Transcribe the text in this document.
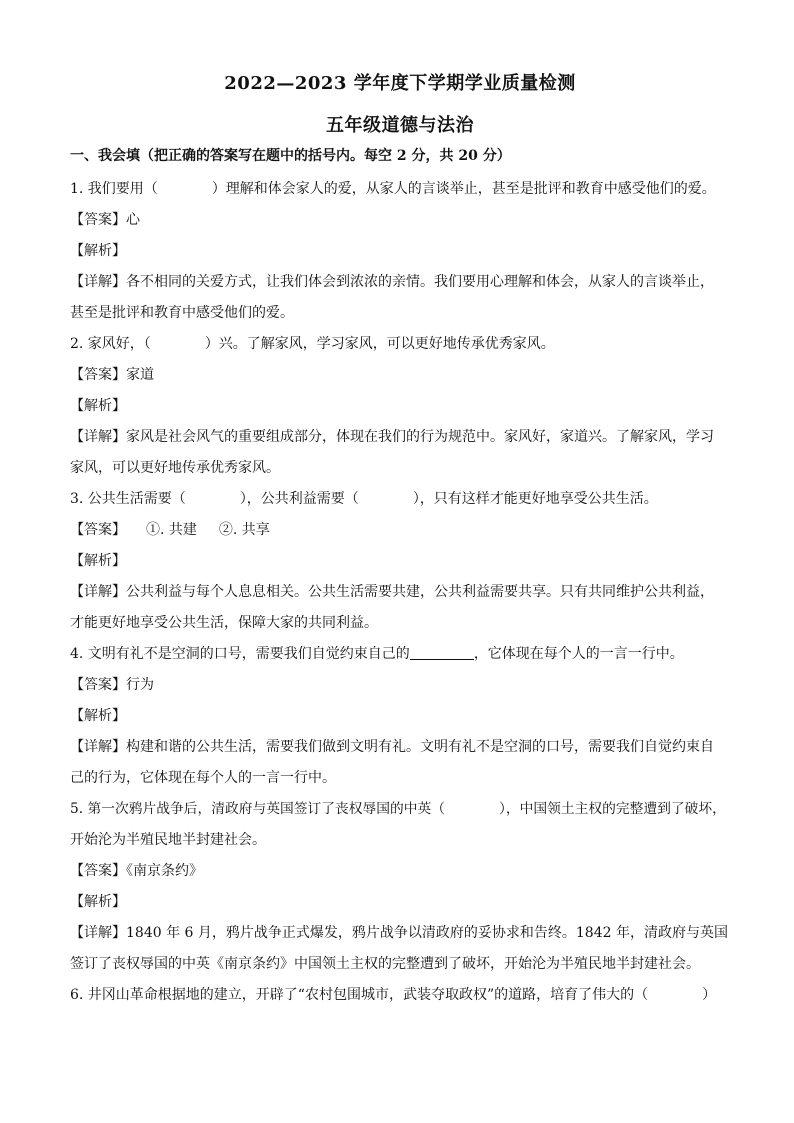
2022—2023 学年度下学期学业质量检测
五年级道德与法治
一、我会填（把正确的答案写在题中的括号内。每空 2 分，共 20 分）
1. 我们要用（	）理解和体会家人的爱，从家人的言谈举止，甚至是批评和教育中感受他们的爱。
【答案】心
【解析】
【详解】各不相同的关爱方式，让我们体会到浓浓的亲情。我们要用心理解和体会，从家人的言谈举止，
甚至是批评和教育中感受他们的爱。
2. 家风好，（	）兴。了解家风，学习家风，可以更好地传承优秀家风。
【答案】家道
【解析】
【详解】家风是社会风气的重要组成部分，体现在我们的行为规范中。家风好，家道兴。了解家风，学习
家风，可以更好地传承优秀家风。
3. 公共生活需要（	），公共利益需要（	），只有这样才能更好地享受公共生活。
【答案】 ①. 共建 ②. 共享
【解析】
【详解】公共利益与每个人息息相关。公共生活需要共建，公共利益需要共享。只有共同维护公共利益，
才能更好地享受公共生活，保障大家的共同利益。
4. 文明有礼不是空洞的口号，需要我们自觉约束自己的	，它体现在每个人的一言一行中。
【答案】行为
【解析】
【详解】构建和谐的公共生活，需要我们做到文明有礼。文明有礼不是空洞的口号，需要我们自觉约束自
己的行为，它体现在每个人的一言一行中。
5. 第一次鸦片战争后，清政府与英国签订了丧权辱国的中英（	），中国领土主权的完整遭到了破坏，
开始沦为半殖民地半封建社会。
【答案】《南京条约》
【解析】
【详解】1840 年 6 月，鸦片战争正式爆发，鸦片战争以清政府的妥协求和告终。1842 年，清政府与英国
签订了丧权辱国的中英《南京条约》中国领土主权的完整遭到了破坏，开始沦为半殖民地半封建社会。
6. 井冈山革命根据地的建立，开辟了“农村包围城市，武装夺取政权”的道路，培育了伟大的（	）
